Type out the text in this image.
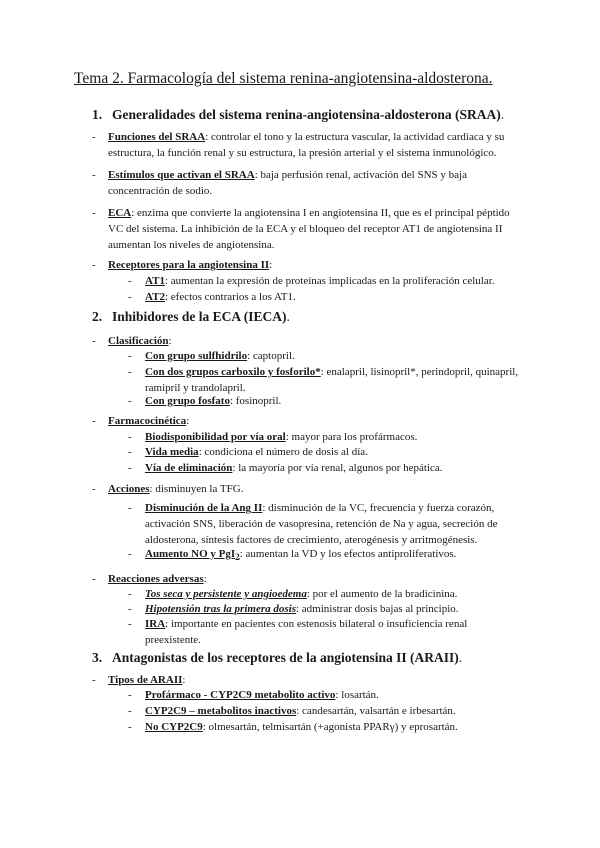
Tema 2. Farmacología del sistema renina-angiotensina-aldosterona.
1. Generalidades del sistema renina-angiotensina-aldosterona (SRAA).
- Funciones del SRAA: controlar el tono y la estructura vascular, la actividad cardiaca y su estructura, la función renal y su estructura, la presión arterial y el sistema inmunológico.
- Estímulos que activan el SRAA: baja perfusión renal, activación del SNS y baja concentración de sodio.
- ECA: enzima que convierte la angiotensina I en angiotensina II, que es el principal péptido VC del sistema. La inhibición de la ECA y el bloqueo del receptor AT1 de angiotensina II aumentan los niveles de angiotensina.
- Receptores para la angiotensina II:
- AT1: aumentan la expresión de proteínas implicadas en la proliferación celular.
- AT2: efectos contrarios a los AT1.
2. Inhibidores de la ECA (IECA).
- Clasificación:
- Con grupo sulfhidrilo: captopril.
- Con dos grupos carboxilo y fosforilo*: enalapril, lisinopril*, perindopril, quinapril, ramipril y trandolapril.
- Con grupo fosfato: fosinopril.
- Farmacocinética:
- Biodisponibilidad por vía oral: mayor para los profármacos.
- Vida media: condiciona el número de dosis al día.
- Vía de eliminación: la mayoría por vía renal, algunos por hepática.
- Acciones: disminuyen la TFG.
- Disminución de la Ang II: disminución de la VC, frecuencia y fuerza corazón, activación SNS, liberación de vasopresina, retención de Na y agua, secreción de aldosterona, síntesis factores de crecimiento, aterogénesis y arritmogénesis.
- Aumento NO y PgI$_2$: aumentan la VD y los efectos antiproliferativos.
- Reacciones adversas:
- Tos seca y persistente y angioedema: por el aumento de la bradicinina.
- Hipotensión tras la primera dosis: administrar dosis bajas al principio.
- IRA: importante en pacientes con estenosis bilateral o insuficiencia renal preexistente.
3. Antagonistas de los receptores de la angiotensina II (ARAII).
- Tipos de ARAII:
- Profármaco - CYP2C9 metabolito activo: losartán.
- CYP2C9 – metabolitos inactivos: candesartán, valsartán e irbesartán.
- No CYP2C9: olmesartán, telmisartán (+agonista PPARγ) y eprosartán.
